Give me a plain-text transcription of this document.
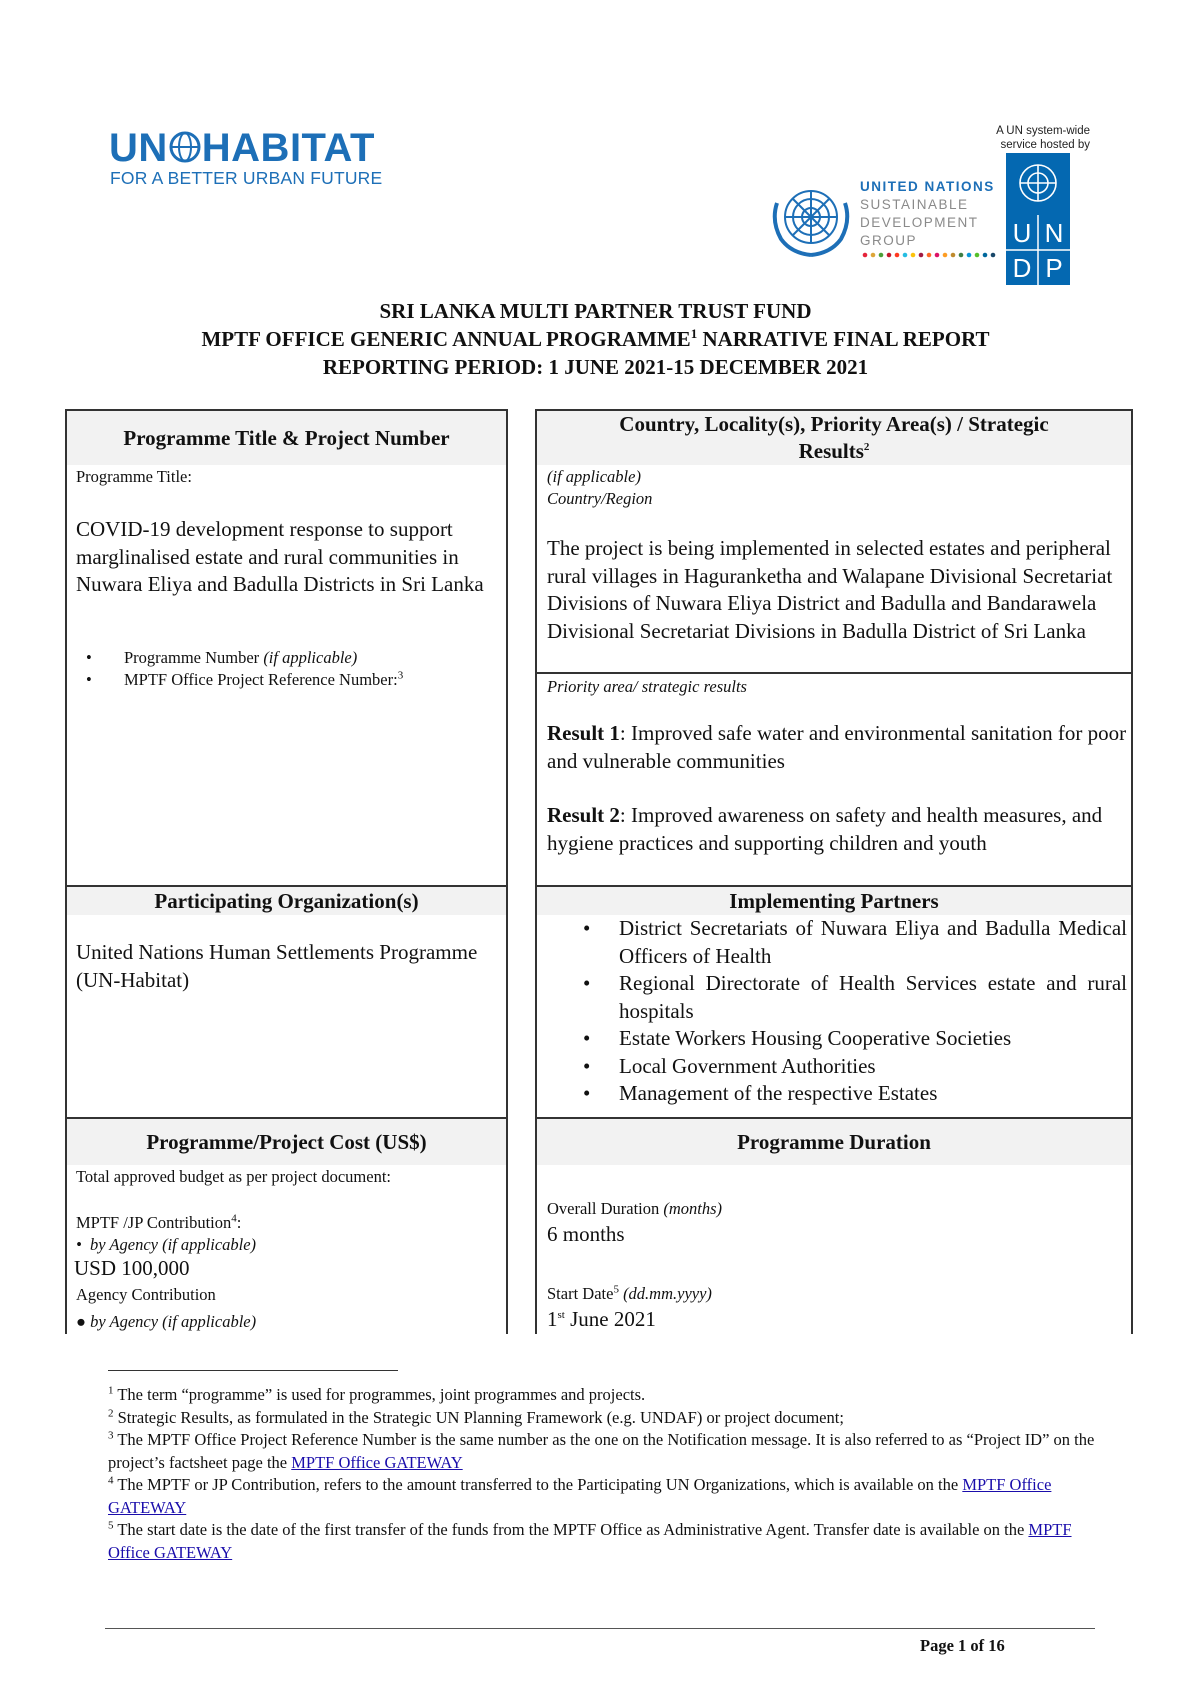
UN HABITAT
FOR A BETTER URBAN FUTURE
A UN system-wide
service hosted by
UNITED NATIONS
SUSTAINABLE
DEVELOPMENT
GROUP	U N
D P
SRI LANKA MULTI PARTNER TRUST FUND
MPTF OFFICE GENERIC ANNUAL PROGRAMME$^1$ NARRATIVE FINAL REPORT
REPORTING PERIOD: 1 JUNE 2021-15 DECEMBER 2021
Programme Title & Project Number
Programme Title:
COVID-19 development response to support marglinalised estate and rural communities in Nuwara Eliya and Badulla Districts in Sri Lanka
• Programme Number (if applicable)
• MPTF Office Project Reference Number:$^3$
Country, Locality(s), Priority Area(s) / Strategic
Results$^2$
(if applicable)
Country/Region
The project is being implemented in selected estates and peripheral rural villages in Haguranketha and Walapane Divisional Secretariat Divisions of Nuwara Eliya District and Badulla and Bandarawela Divisional Secretariat Divisions in Badulla District of Sri Lanka
Priority area/ strategic results
Result 1: Improved safe water and environmental sanitation for poor and vulnerable communities
Result 2: Improved awareness on safety and health measures, and hygiene practices and supporting children and youth
Participating Organization(s)
United Nations Human Settlements Programme (UN-Habitat)
Implementing Partners
• District Secretariats of Nuwara Eliya and Badulla Medical Officers of Health
• Regional Directorate of Health Services estate and rural hospitals
• Estate Workers Housing Cooperative Societies
• Local Government Authorities
• Management of the respective Estates
Programme/Project Cost (US$)
Total approved budget as per project document:
MPTF /JP Contribution$^4$:
•  by Agency (if applicable)
USD 100,000
Agency Contribution
● by Agency (if applicable)
Programme Duration
Overall Duration (months)
6 months
Start Date$^5$ (dd.mm.yyyy)
1st June 2021

$^1$ The term “programme” is used for programmes, joint programmes and projects.

$^2$ Strategic Results, as formulated in the Strategic UN Planning Framework (e.g. UNDAF) or project document;

$^3$ The MPTF Office Project Reference Number is the same number as the one on the Notification message. It is also referred to as “Project ID” on the project’s factsheet page the MPTF Office GATEWAY

$^4$ The MPTF or JP Contribution, refers to the amount transferred to the Participating UN Organizations, which is available on the MPTF Office GATEWAY

$^5$ The start date is the date of the first transfer of the funds from the MPTF Office as Administrative Agent. Transfer date is available on the MPTF Office GATEWAY

Page 1 of 16
